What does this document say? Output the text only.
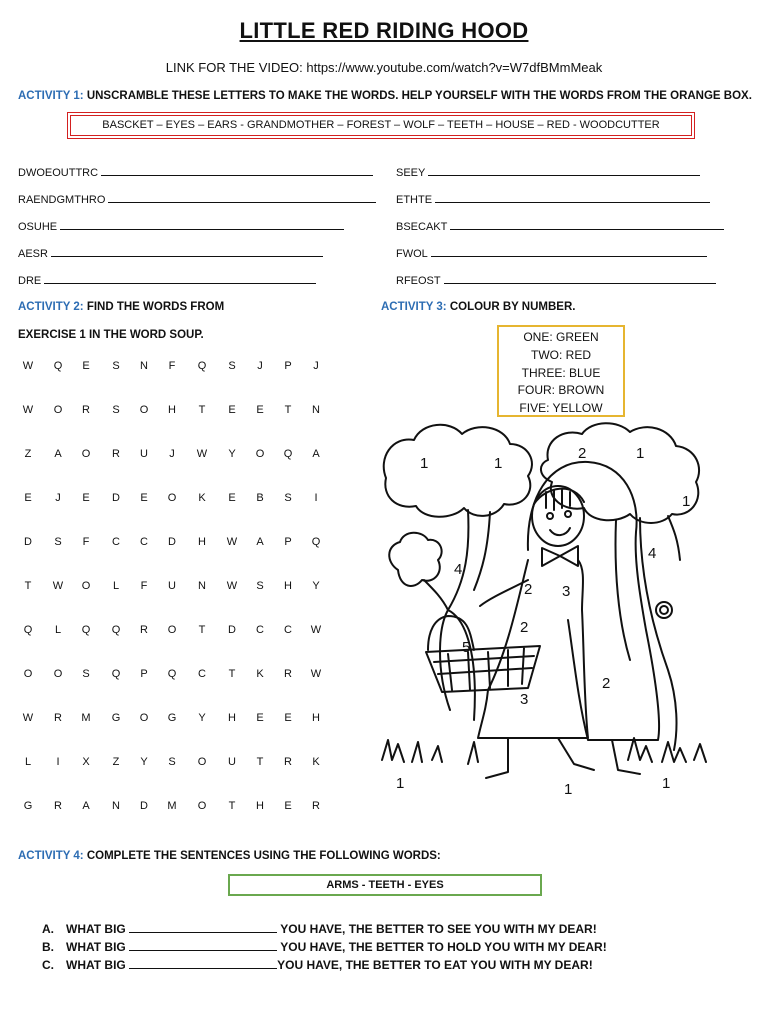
LITTLE RED RIDING HOOD
LINK FOR THE VIDEO: https://www.youtube.com/watch?v=W7dfBMmMeak
ACTIVITY 1: UNSCRAMBLE THESE LETTERS TO MAKE THE WORDS. HELP YOURSELF WITH THE WORDS FROM THE ORANGE BOX.
BASCKET – EYES – EARS - GRANDMOTHER – FOREST – WOLF – TEETH – HOUSE – RED - WOODCUTTER
DWOEOUTTRC
RAENDGMTHRO
OSUHE
AESR
DRE
SEEY
ETHTE
BSECAKT
FWOL
RFEOST
ACTIVITY 2: FIND THE WORDS FROM
EXERCISE 1 IN THE WORD SOUP.
W	Q	E	S	N	F	Q	S	J	P	J
W	O	R	S	O	H	T	E	E	T	N
Z	A	O	R	U	J	W	Y	O	Q	A
E	J	E	D	E	O	K	E	B	S	I
D	S	F	C	C	D	H	W	A	P	Q
T	W	O	L	F	U	N	W	S	H	Y
Q	L	Q	Q	R	O	T	D	C	C	W
O	O	S	Q	P	Q	C	T	K	R	W
W	R	M	G	O	G	Y	H	E	E	H
L	I	X	Z	Y	S	O	U	T	R	K
G	R	A	N	D	M	O	T	H	E	R
ACTIVITY 3: COLOUR BY NUMBER.
ONE: GREEN
TWO: RED
THREE: BLUE
FOUR: BROWN
FIVE: YELLOW
1	1
2	1
1
4
4
2 3
2
5
2
3
1	1	1
ACTIVITY 4: COMPLETE THE SENTENCES USING THE FOLLOWING WORDS:
ARMS - TEETH - EYES
A. WHAT BIG	YOU HAVE, THE BETTER TO SEE YOU WITH MY DEAR!
B. WHAT BIG	YOU HAVE, THE BETTER TO HOLD YOU WITH MY DEAR!
C. WHAT BIG	YOU HAVE, THE BETTER TO EAT YOU WITH MY DEAR!
